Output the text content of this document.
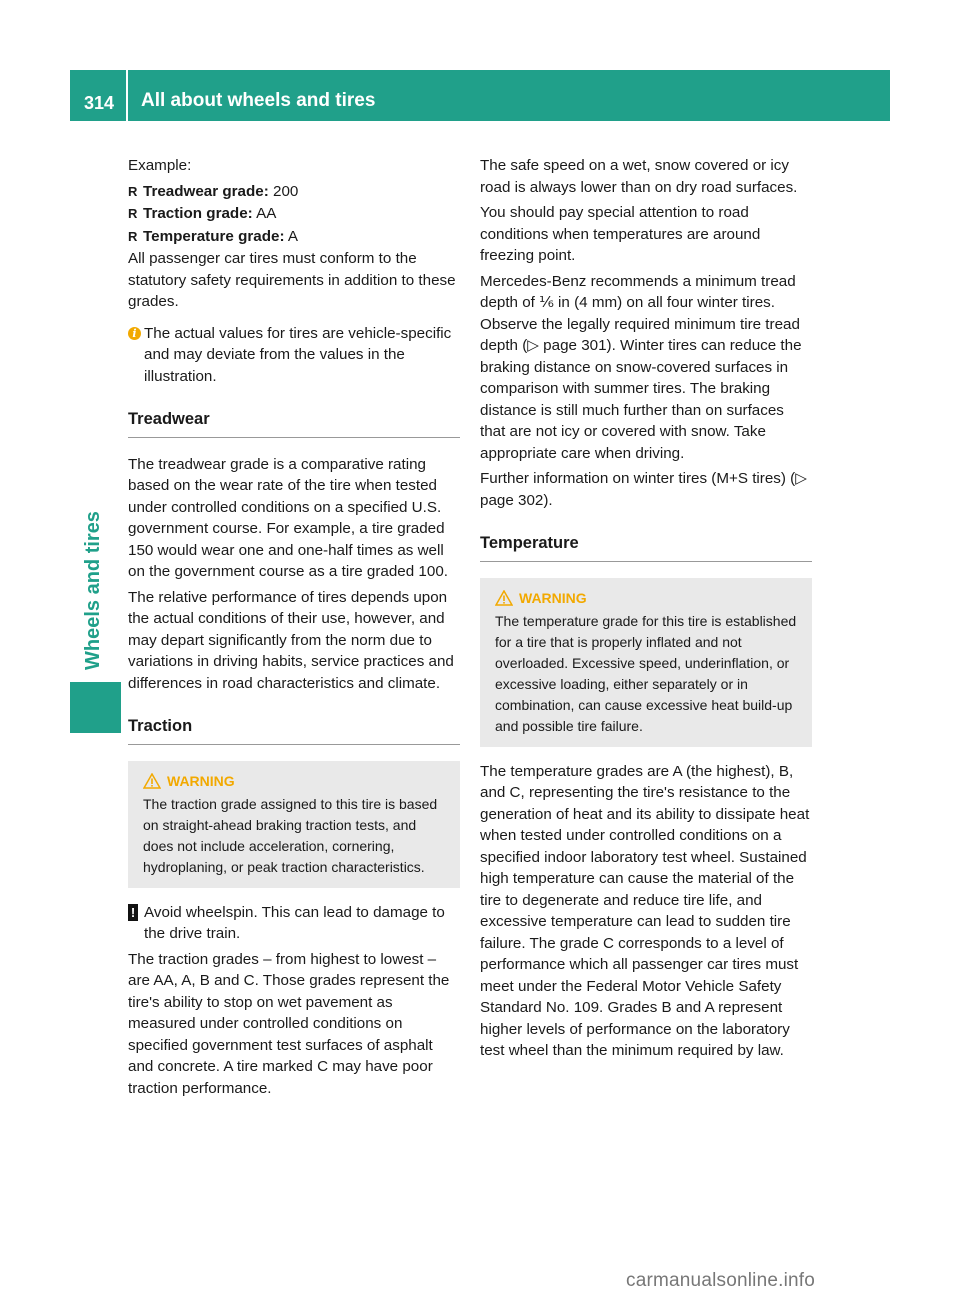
314 All about wheels and tires
Wheels and tires

Example:

R Treadwear grade: 200
R Traction grade: AA
R Temperature grade: A

All passenger car tires must conform to the statutory safety requirements in addition to these grades.

i The actual values for tires are vehicle-specific and may deviate from the values in the illustration.
Treadwear

The treadwear grade is a comparative rating based on the wear rate of the tire when tested under controlled conditions on a specified U.S. government course. For example, a tire graded 150 would wear one and one-half times as well on the government course as a tire graded 100.

The relative performance of tires depends upon the actual conditions of their use, however, and may depart significantly from the norm due to variations in driving habits, service practices and differences in road characteristics and climate.

Traction
WARNING
The traction grade assigned to this tire is based on straight-ahead braking traction tests, and does not include acceleration, cornering, hydroplaning, or peak traction characteristics.
! Avoid wheelspin. This can lead to damage to the drive train.

The traction grades – from highest to lowest – are AA, A, B and C. Those grades represent the tire's ability to stop on wet pavement as measured under controlled conditions on specified government test surfaces of asphalt and concrete. A tire marked C may have poor traction performance.

The safe speed on a wet, snow covered or icy road is always lower than on dry road surfaces.

You should pay special attention to road conditions when temperatures are around freezing point.

Mercedes-Benz recommends a minimum tread depth of ⅙ in (4 mm) on all four winter tires. Observe the legally required minimum tire tread depth (▷ page 301). Winter tires can reduce the braking distance on snow-covered surfaces in comparison with summer tires. The braking distance is still much further than on surfaces that are not icy or covered with snow. Take appropriate care when driving.

Further information on winter tires (M+S tires) (▷ page 302).

Temperature
WARNING
The temperature grade for this tire is established for a tire that is properly inflated and not overloaded. Excessive speed, underinflation, or excessive loading, either separately or in combination, can cause excessive heat build-up and possible tire failure.

The temperature grades are A (the highest), B, and C, representing the tire's resistance to the generation of heat and its ability to dissipate heat when tested under controlled conditions on a specified indoor laboratory test wheel. Sustained high temperature can cause the material of the tire to degenerate and reduce tire life, and excessive temperature can lead to sudden tire failure. The grade C corresponds to a level of performance which all passenger car tires must meet under the Federal Motor Vehicle Safety Standard No. 109. Grades B and A represent higher levels of performance on the laboratory test wheel than the minimum required by law.

carmanualsonline.info
